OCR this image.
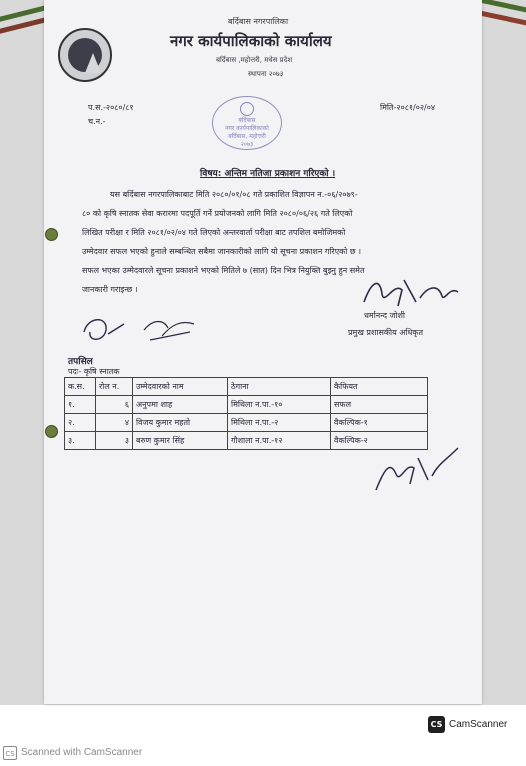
बर्दिबास नगरपालिका
नगर कार्यपालिकाको कार्यालय
बर्दिबास ,महोत्तरी, मधेस प्रदेश
स्थापना २०७३
प.स.-२०८०/८१
च.न.-
मिति-२०८१/०२/०४
बर्दिबास
नगर कार्यपालिकाको
बर्दिबास, महोत्तरी
२०७३
विषय: अन्तिम नतिजा प्रकाशन गरिएको ।
यस बर्दिबास नगरपालिकाबाट मिति २०८०/०१/०८ गते प्रकाशित विज्ञापन न.-०६/२०७९-
८० को कृषि स्नातक सेवा करारमा पदपूर्ति गर्ने प्रयोजनको लागि मिति २०८०/०६/२६ गते लिएको
लिखित परीक्षा र मिति २०८१/०२/०४ गते लिएको अन्तरवार्ता परीक्षा बाट तपशिल बमोजिमको
उम्मेदवार सफल भएको हुनाले सम्बन्धित सबैमा जानकारीको लागि यो सूचना प्रकाशन गरिएको छ ।
सफल भएका उम्मेदवारले सूचना प्रकाशने भएको मितिले ७ (सात) दिन भित्र नियुक्ति बुझ्नु हुन समेत
जानकारी गराइन्छ ।
धर्मानन्द जोशी
प्रमुख प्रशासकीय अधिकृत
तपसिल
पदः- कृषि स्नातक
क.स.	रोल न.	उम्मेदवारको नाम	ठेगाना	कैफियत
१.	६	अनुपमा शाह	मिथिला न.पा.-१०	सफल
२.	४	विजय कुमार महतो	मिथिला न.पा.-२	वैकल्पिक-१
३.	३	बरुण कुमार सिंह	गौशाला न.पा.-१२	वैकल्पिक-२
CS CamScanner
CS Scanned with CamScanner
